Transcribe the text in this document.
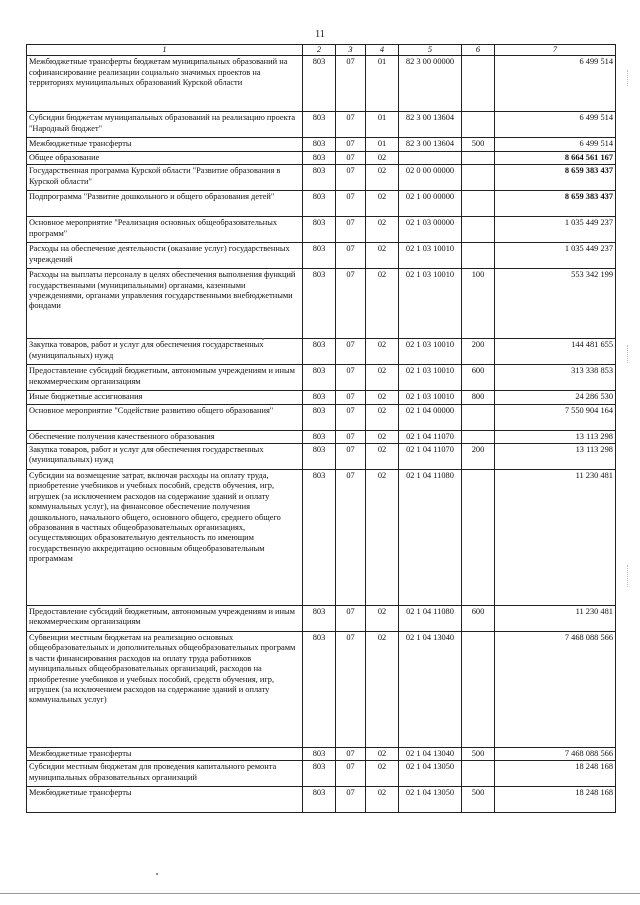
11
1	2	3	4	5	6	7
Межбюджетные трансферты бюджетам муниципальных образований на софинансирование реализации социально значимых проектов на территориях муниципальных образований Курской области	803	07	01	82 3 00 00000		6 499 514
Субсидии бюджетам муниципальных образований на реализацию проекта "Народный бюджет"	803	07	01	82 3 00 13604		6 499 514
Межбюджетные трансферты	803	07	01	82 3 00 13604	500	6 499 514
Общее образование	803	07	02			8 664 561 167
Государственная программа Курской области "Развитие образования в Курской области"	803	07	02	02 0 00 00000		8 659 383 437
Подпрограмма "Развитие дошкольного и общего образования детей"	803	07	02	02 1 00 00000		8 659 383 437
Основное мероприятие "Реализация основных общеобразовательных программ"	803	07	02	02 1 03 00000		1 035 449 237
Расходы на обеспечение деятельности (оказание услуг) государственных учреждений	803	07	02	02 1 03 10010		1 035 449 237
Расходы на выплаты персоналу в целях обеспечения выполнения функций государственными (муниципальными) органами, казенными учреждениями, органами управления государственными внебюджетными фондами	803	07	02	02 1 03 10010	100	553 342 199
Закупка товаров, работ и услуг для обеспечения государственных (муниципальных) нужд	803	07	02	02 1 03 10010	200	144 481 655
Предоставление субсидий бюджетным, автономным учреждениям и иным некоммерческим организациям	803	07	02	02 1 03 10010	600	313 338 853
Иные бюджетные ассигнования	803	07	02	02 1 03 10010	800	24 286 530
Основное мероприятие "Содействие развитию общего образования"	803	07	02	02 1 04 00000		7 550 904 164
Обеспечение получения качественного образования	803	07	02	02 1 04 11070		13 113 298
Закупка товаров, работ и услуг для обеспечения государственных (муниципальных) нужд	803	07	02	02 1 04 11070	200	13 113 298
Субсидии на возмещение затрат, включая расходы на оплату труда, приобретение учебников и учебных пособий, средств обучения, игр, игрушек (за исключением расходов на содержание зданий и оплату коммунальных услуг), на финансовое обеспечение получения дошкольного, начального общего, основного общего, среднего общего образования в частных общеобразовательных организациях, осуществляющих образовательную деятельность по имеющим государственную аккредитацию основным общеобразовательным программам	803	07	02	02 1 04 11080		11 230 481
Предоставление субсидий бюджетным, автономным учреждениям и иным некоммерческим организациям	803	07	02	02 1 04 11080	600	11 230 481
Субвенции местным бюджетам на реализацию основных общеобразовательных и дополнительных общеобразовательных программ в части финансирования расходов на оплату труда работников муниципальных общеобразовательных организаций, расходов на приобретение учебников и учебных пособий, средств обучения, игр, игрушек (за исключением расходов на содержание зданий и оплату коммунальных услуг)	803	07	02	02 1 04 13040		7 468 088 566
Межбюджетные трансферты	803	07	02	02 1 04 13040	500	7 468 088 566
Субсидии местным бюджетам для проведения капитального ремонта муниципальных образовательных организаций	803	07	02	02 1 04 13050		18 248 168
Межбюджетные трансферты	803	07	02	02 1 04 13050	500	18 248 168
